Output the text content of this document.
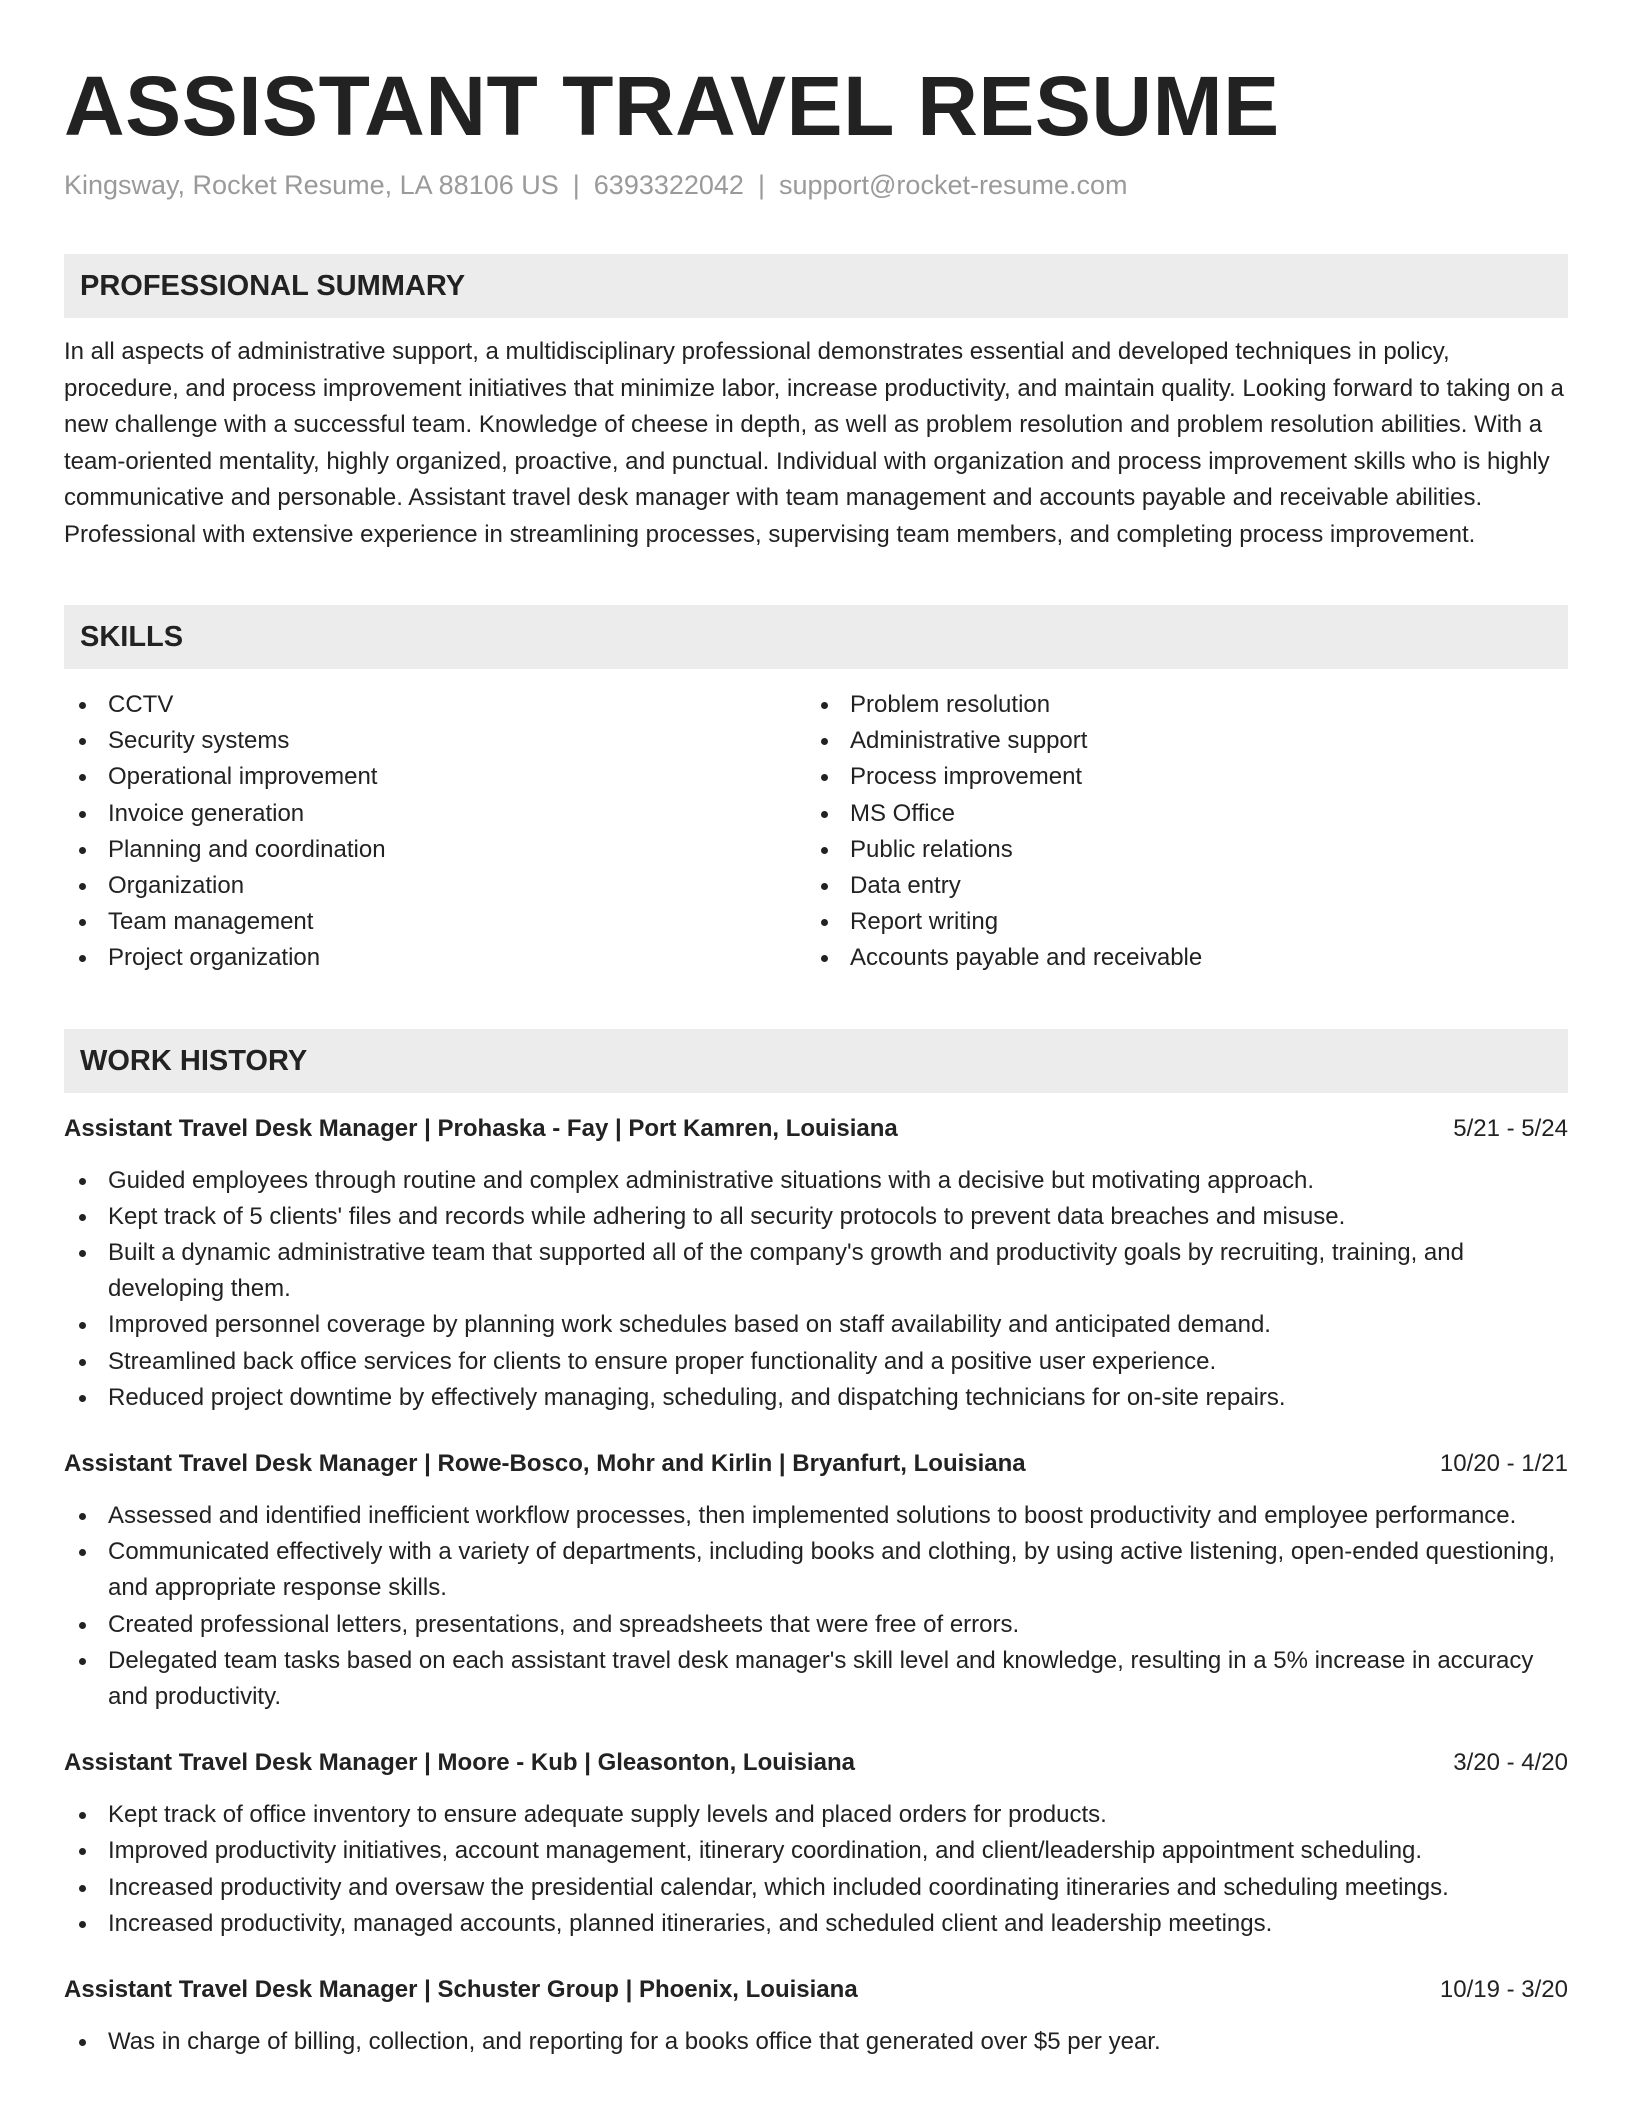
ASSISTANT TRAVEL RESUME
Kingsway, Rocket Resume, LA 88106 US | 6393322042 | support@rocket-resume.com
PROFESSIONAL SUMMARY
In all aspects of administrative support, a multidisciplinary professional demonstrates essential and developed techniques in policy, procedure, and process improvement initiatives that minimize labor, increase productivity, and maintain quality. Looking forward to taking on a new challenge with a successful team. Knowledge of cheese in depth, as well as problem resolution and problem resolution abilities. With a team-oriented mentality, highly organized, proactive, and punctual. Individual with organization and process improvement skills who is highly communicative and personable. Assistant travel desk manager with team management and accounts payable and receivable abilities. Professional with extensive experience in streamlining processes, supervising team members, and completing process improvement.
SKILLS
CCTV
Security systems
Operational improvement
Invoice generation
Planning and coordination
Organization
Team management
Project organization
Problem resolution
Administrative support
Process improvement
MS Office
Public relations
Data entry
Report writing
Accounts payable and receivable
WORK HISTORY
Assistant Travel Desk Manager | Prohaska - Fay | Port Kamren, Louisiana	5/21 - 5/24
Guided employees through routine and complex administrative situations with a decisive but motivating approach.
Kept track of 5 clients' files and records while adhering to all security protocols to prevent data breaches and misuse.
Built a dynamic administrative team that supported all of the company's growth and productivity goals by recruiting, training, and developing them.
Improved personnel coverage by planning work schedules based on staff availability and anticipated demand.
Streamlined back office services for clients to ensure proper functionality and a positive user experience.
Reduced project downtime by effectively managing, scheduling, and dispatching technicians for on-site repairs.
Assistant Travel Desk Manager | Rowe-Bosco, Mohr and Kirlin | Bryanfurt, Louisiana	10/20 - 1/21
Assessed and identified inefficient workflow processes, then implemented solutions to boost productivity and employee performance.
Communicated effectively with a variety of departments, including books and clothing, by using active listening, open-ended questioning, and appropriate response skills.
Created professional letters, presentations, and spreadsheets that were free of errors.
Delegated team tasks based on each assistant travel desk manager's skill level and knowledge, resulting in a 5% increase in accuracy and productivity.
Assistant Travel Desk Manager | Moore - Kub | Gleasonton, Louisiana	3/20 - 4/20
Kept track of office inventory to ensure adequate supply levels and placed orders for products.
Improved productivity initiatives, account management, itinerary coordination, and client/leadership appointment scheduling.
Increased productivity and oversaw the presidential calendar, which included coordinating itineraries and scheduling meetings.
Increased productivity, managed accounts, planned itineraries, and scheduled client and leadership meetings.
Assistant Travel Desk Manager | Schuster Group | Phoenix, Louisiana	10/19 - 3/20
Was in charge of billing, collection, and reporting for a books office that generated over $5 per year.
